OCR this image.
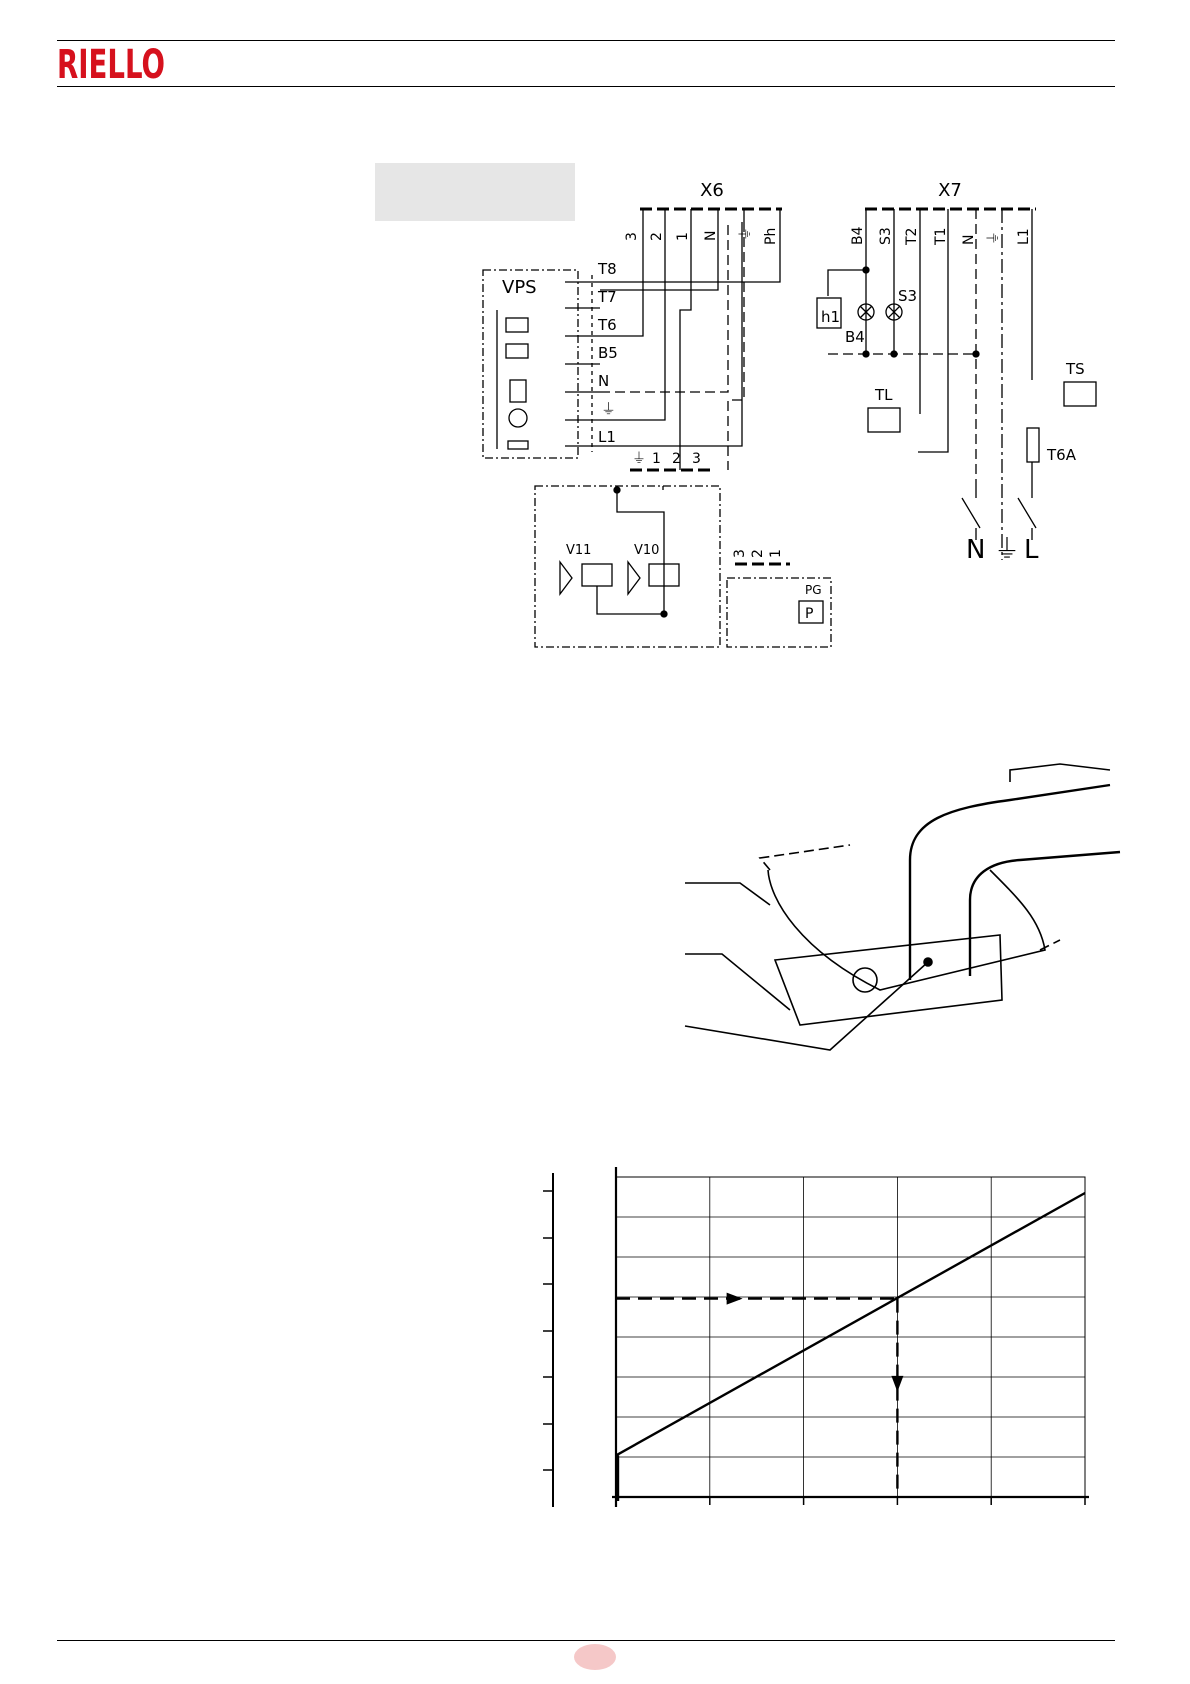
RIELLO
X6
3 2 1 N ⏚ Ph
VPS
T8
T7
T6
B5
N
⏚
L1
⏚ 1 2 3
V11	V10	3 2 1
PG
P
X7
B4 S3 T2 T1 N ⏚ L1
h1
B4
S3
TL
TS
T6A
N ⏚ L
